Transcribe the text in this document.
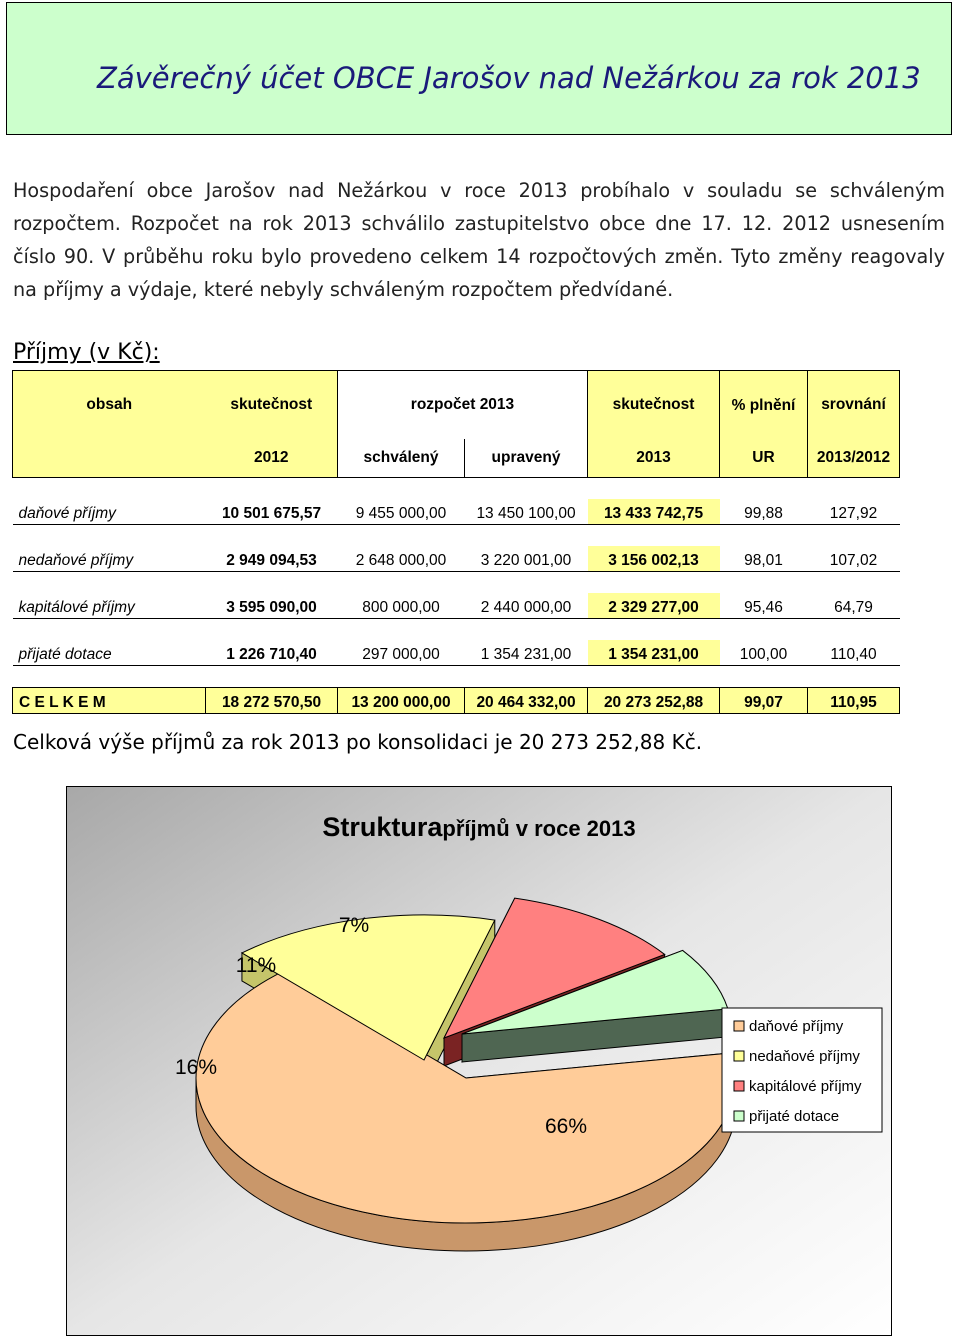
Závěrečný účet OBCE Jarošov nad Nežárkou za rok 2013
Hospodaření obce Jarošov nad Nežárkou v roce 2013 probíhalo v souladu se schváleným rozpočtem. Rozpočet na rok 2013 schválilo zastupitelstvo obce dne 17. 12. 2012 usnesením číslo 90. V průběhu roku bylo provedeno celkem 14 rozpočtových změn. Tyto změny reagovaly na příjmy a výdaje, které nebyly schváleným rozpočtem předvídané.
Příjmy (v Kč):
obsah	skutečnost	rozpočet 2013		skutečnost	% plnění	srovnání
	2012	schválený	upravený	2013	UR	2013/2012

daňové příjmy	10 501 675,57	9 455 000,00	13 450 100,00	13 433 742,75	99,88	127,92

nedaňové příjmy	2 949 094,53	2 648 000,00	3 220 001,00	3 156 002,13	98,01	107,02

kapitálové příjmy	3 595 090,00	800 000,00	2 440 000,00	2 329 277,00	95,46	64,79

přijaté dotace	1 226 710,40	297 000,00	1 354 231,00	1 354 231,00	100,00	110,40

C E L K E M	18 272 570,50	13 200 000,00	20 464 332,00	20 273 252,88	99,07	110,95
Celková výše příjmů za rok 2013 po konsolidaci je 20 273 252,88 Kč.
Strukturapříjmů v roce 2013
66%
16%
11%
7%
daňové příjmy
nedaňové příjmy
kapitálové příjmy
přijaté dotace
